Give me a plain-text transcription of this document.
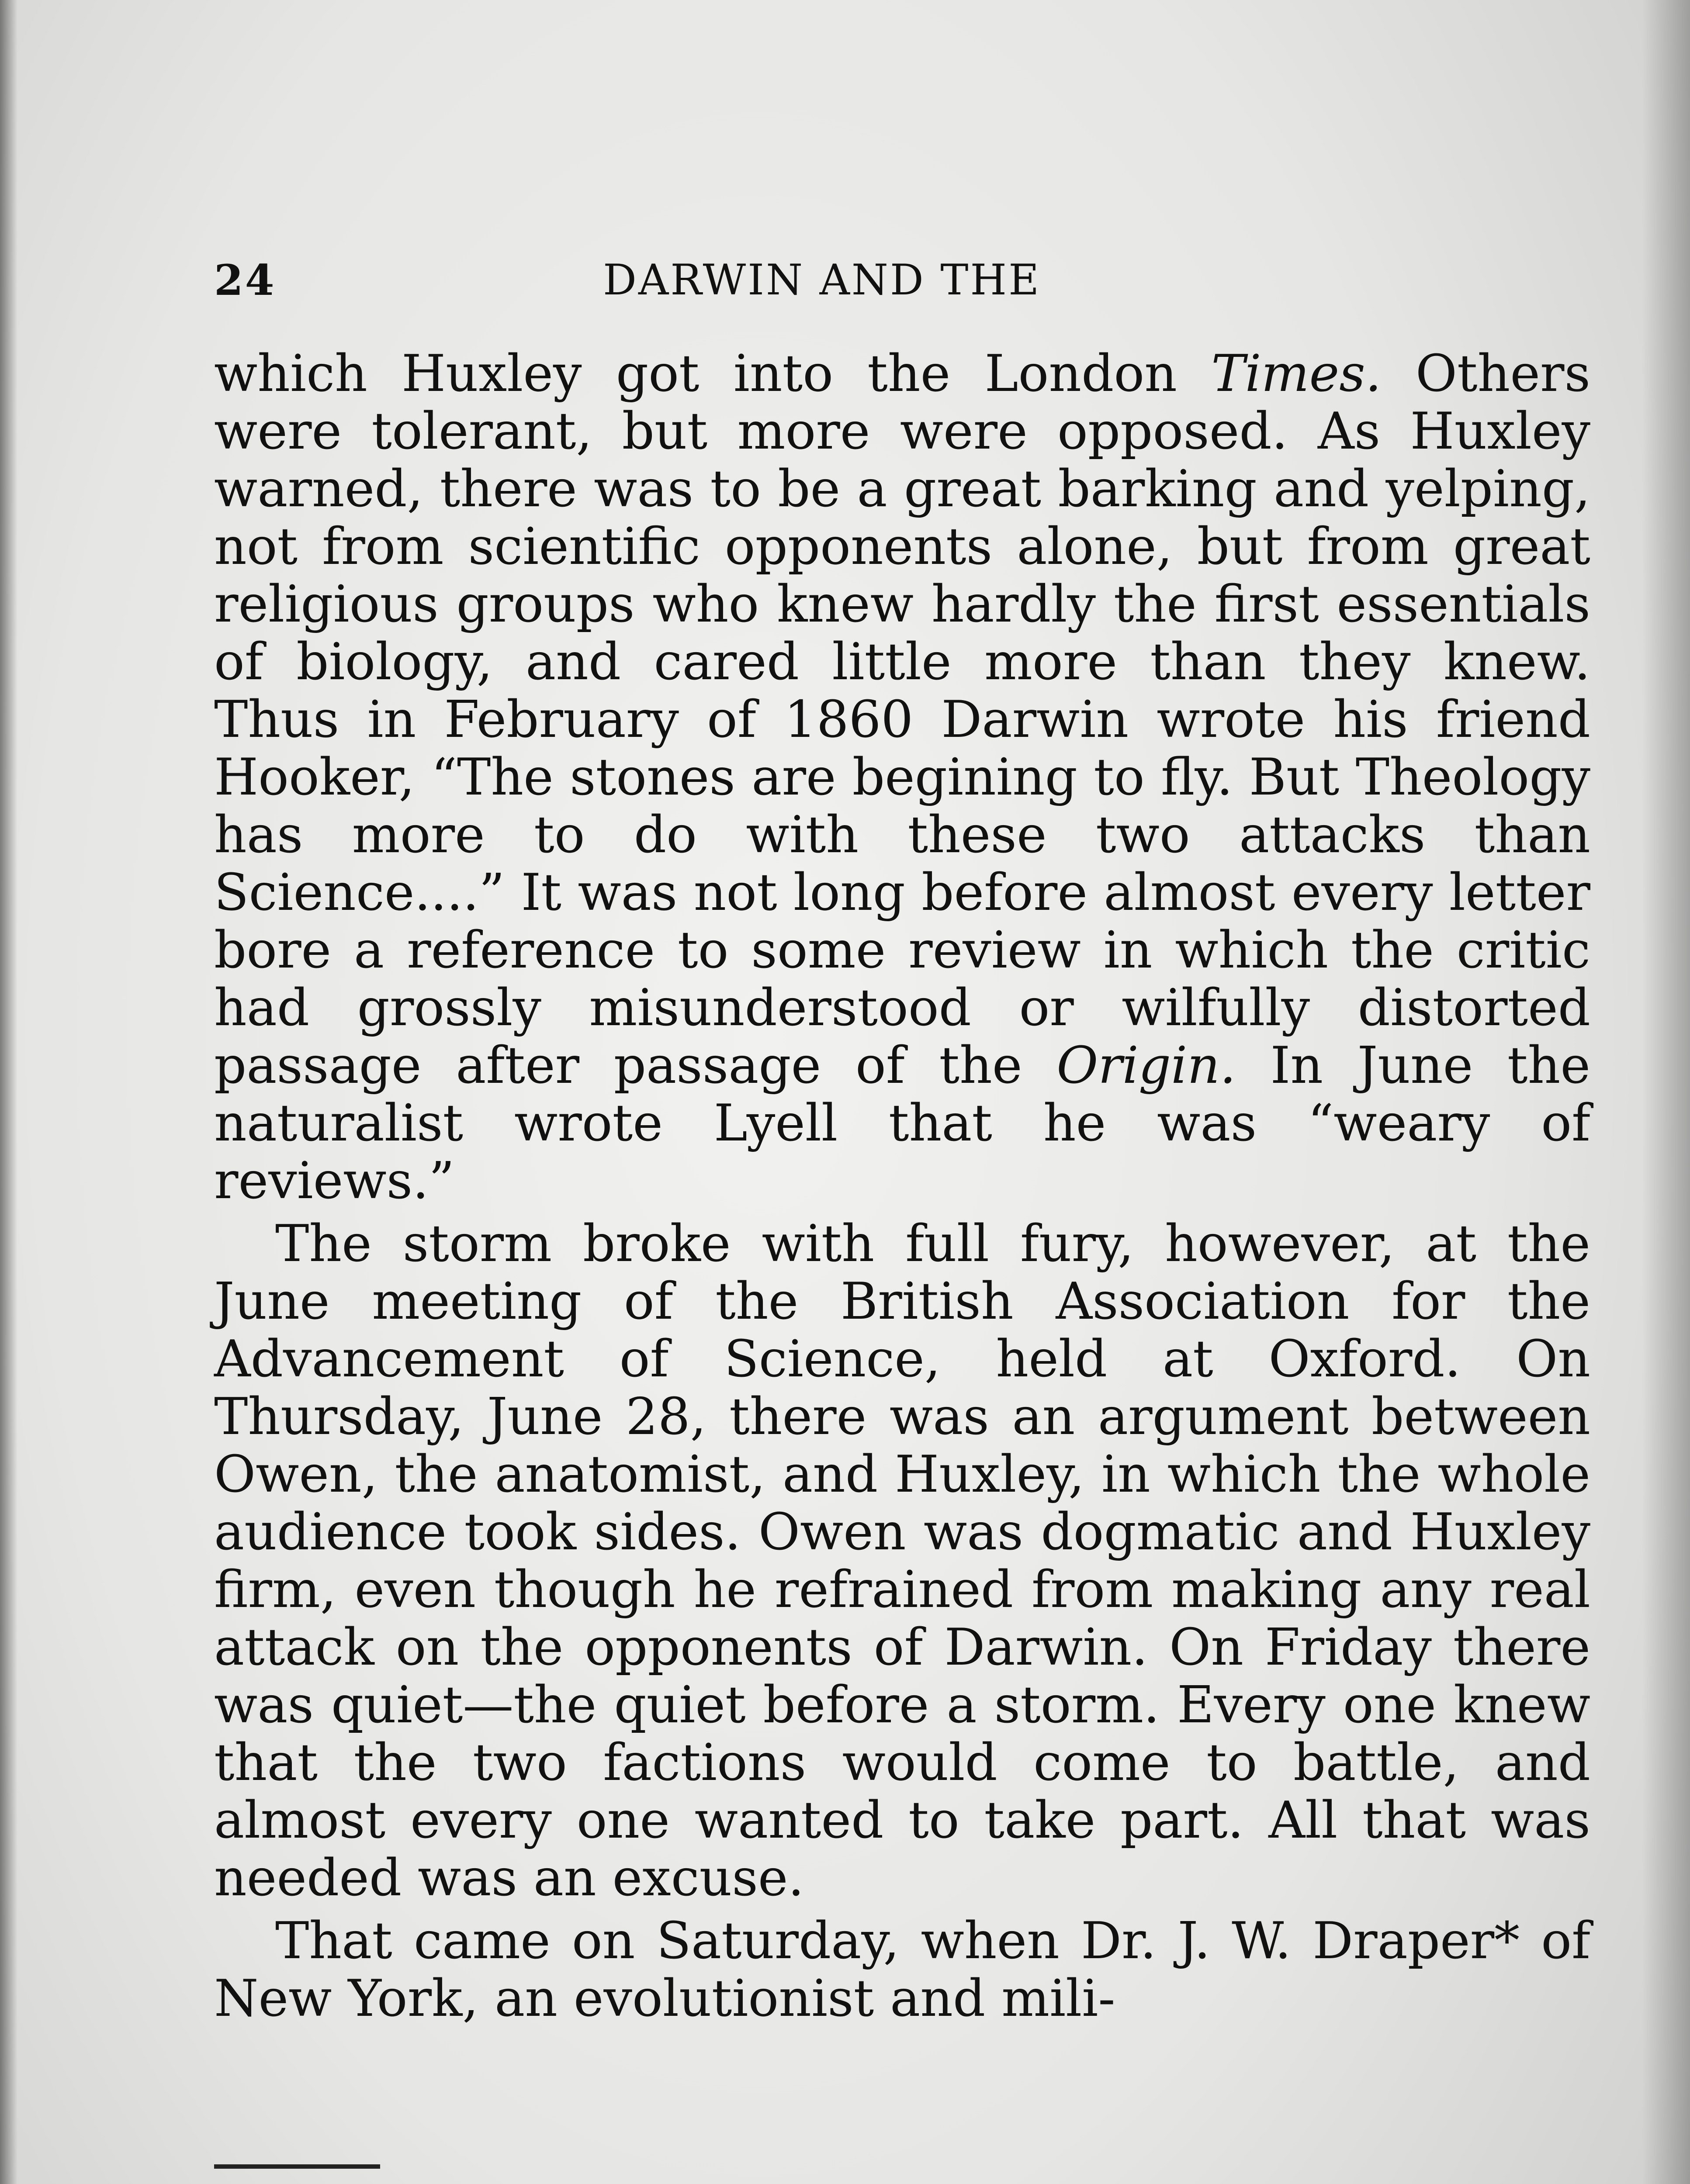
24	DARWIN AND THE

which Huxley got into the London Times. Others were tolerant, but more were opposed. As Huxley warned, there was to be a great barking and yelping, not from scientific opponents alone, but from great religious groups who knew hardly the first essentials of biology, and cared little more than they knew. Thus in February of 1860 Darwin wrote his friend Hooker, “The stones are begining to fly. But Theology has more to do with these two attacks than Science....” It was not long before almost every letter bore a reference to some review in which the critic had grossly misunderstood or wilfully distorted passage after passage of the Origin. In June the naturalist wrote Lyell that he was “weary of reviews.”

The storm broke with full fury, however, at the June meeting of the British Association for the Advancement of Science, held at Oxford. On Thursday, June 28, there was an argument between Owen, the anatomist, and Huxley, in which the whole audience took sides. Owen was dogmatic and Huxley firm, even though he refrained from making any real attack on the opponents of Darwin. On Friday there was quiet—the quiet before a storm. Every one knew that the two factions would come to battle, and almost every one wanted to take part. All that was needed was an excuse.

That came on Saturday, when Dr. J. W. Draper* of New York, an evolutionist and mili-
